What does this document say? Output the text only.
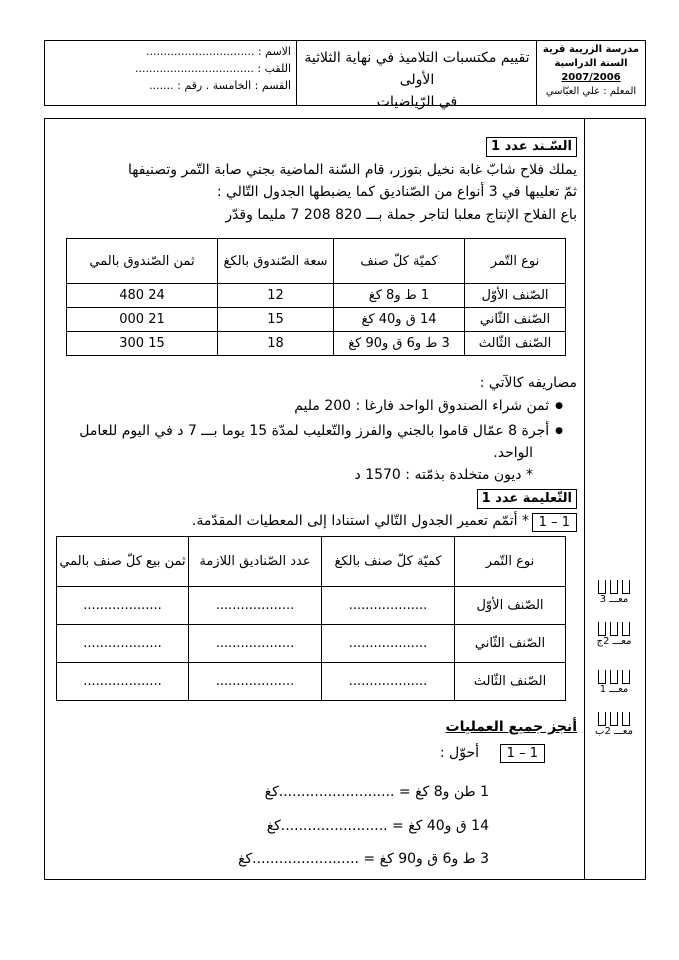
مدرسة الزريبة قرية
السنة الدراسية
2007/2006
المعلم : علي العبّاسي
تقييم مكتسبات التلاميذ في نهاية الثلاثية الأولى
في الرّياضيات
الاسم : ...............................
اللقب : ..................................
القسم : الخامسة . رقم : .......
السّـند عدد 1
يملك فلاح شابّ غابة نخيل بتوزر، قام السّنة الماضية بجني صابة التّمر وتصنيفها
ثمّ تعليبها في 3 أنواع من الصّناديق كما يضبطها الجدول التّالي :
باع الفلاح الإنتاج معلبا لتاجر جملة بـــ 820 208 7 مليما وقدّر
نوع التّمر	كميّة كلّ صنف	سعة الصّندوق بالكغ	ثمن الصّندوق بالمي
الصّنف الأوّل	1 ط و8 كغ	12	24 480
الصّنف الثّاني	14 ق و40 كغ	15	21 000
الصّنف الثّالث	3 ط و6 ق و90 كغ	18	15 300
مصاريفه كالآتي :
● ثمن شراء الصندوق الواحد فارغا : 200 مليم
● أجرة 8 عمّال قاموا بالجني والفرز والتّعليب لمدّة 15 يوما بـــ 7 د في اليوم للعامل
الواحد.
* ديون متخلدة بذمّته : 1570 د
التّعليمة عدد 1
1 – 1
* أتمّم تعمير الجدول التّالي استنادا إلى المعطيات المقدّمة.
نوع التّمر	كميّة كلّ صنف بالكغ	عدد الصّناديق اللازمة	ثمن بيع كلّ صنف بالمي
الصّنف الأوّل	...................	...................	...................
الصّنف الثّاني	...................	...................	...................
الصّنف الثّالث	...................	...................	...................
معـــ 3
معـــ 2ج
معـــ 1
معـــ 2ب
أنجز جميع العمليات
1 – 1
أحوّل :
1 طن و8 كغ = ..........................كغ
14 ق و40 كغ = ........................كغ
3 ط و6 ق و90 كغ = ........................كغ
